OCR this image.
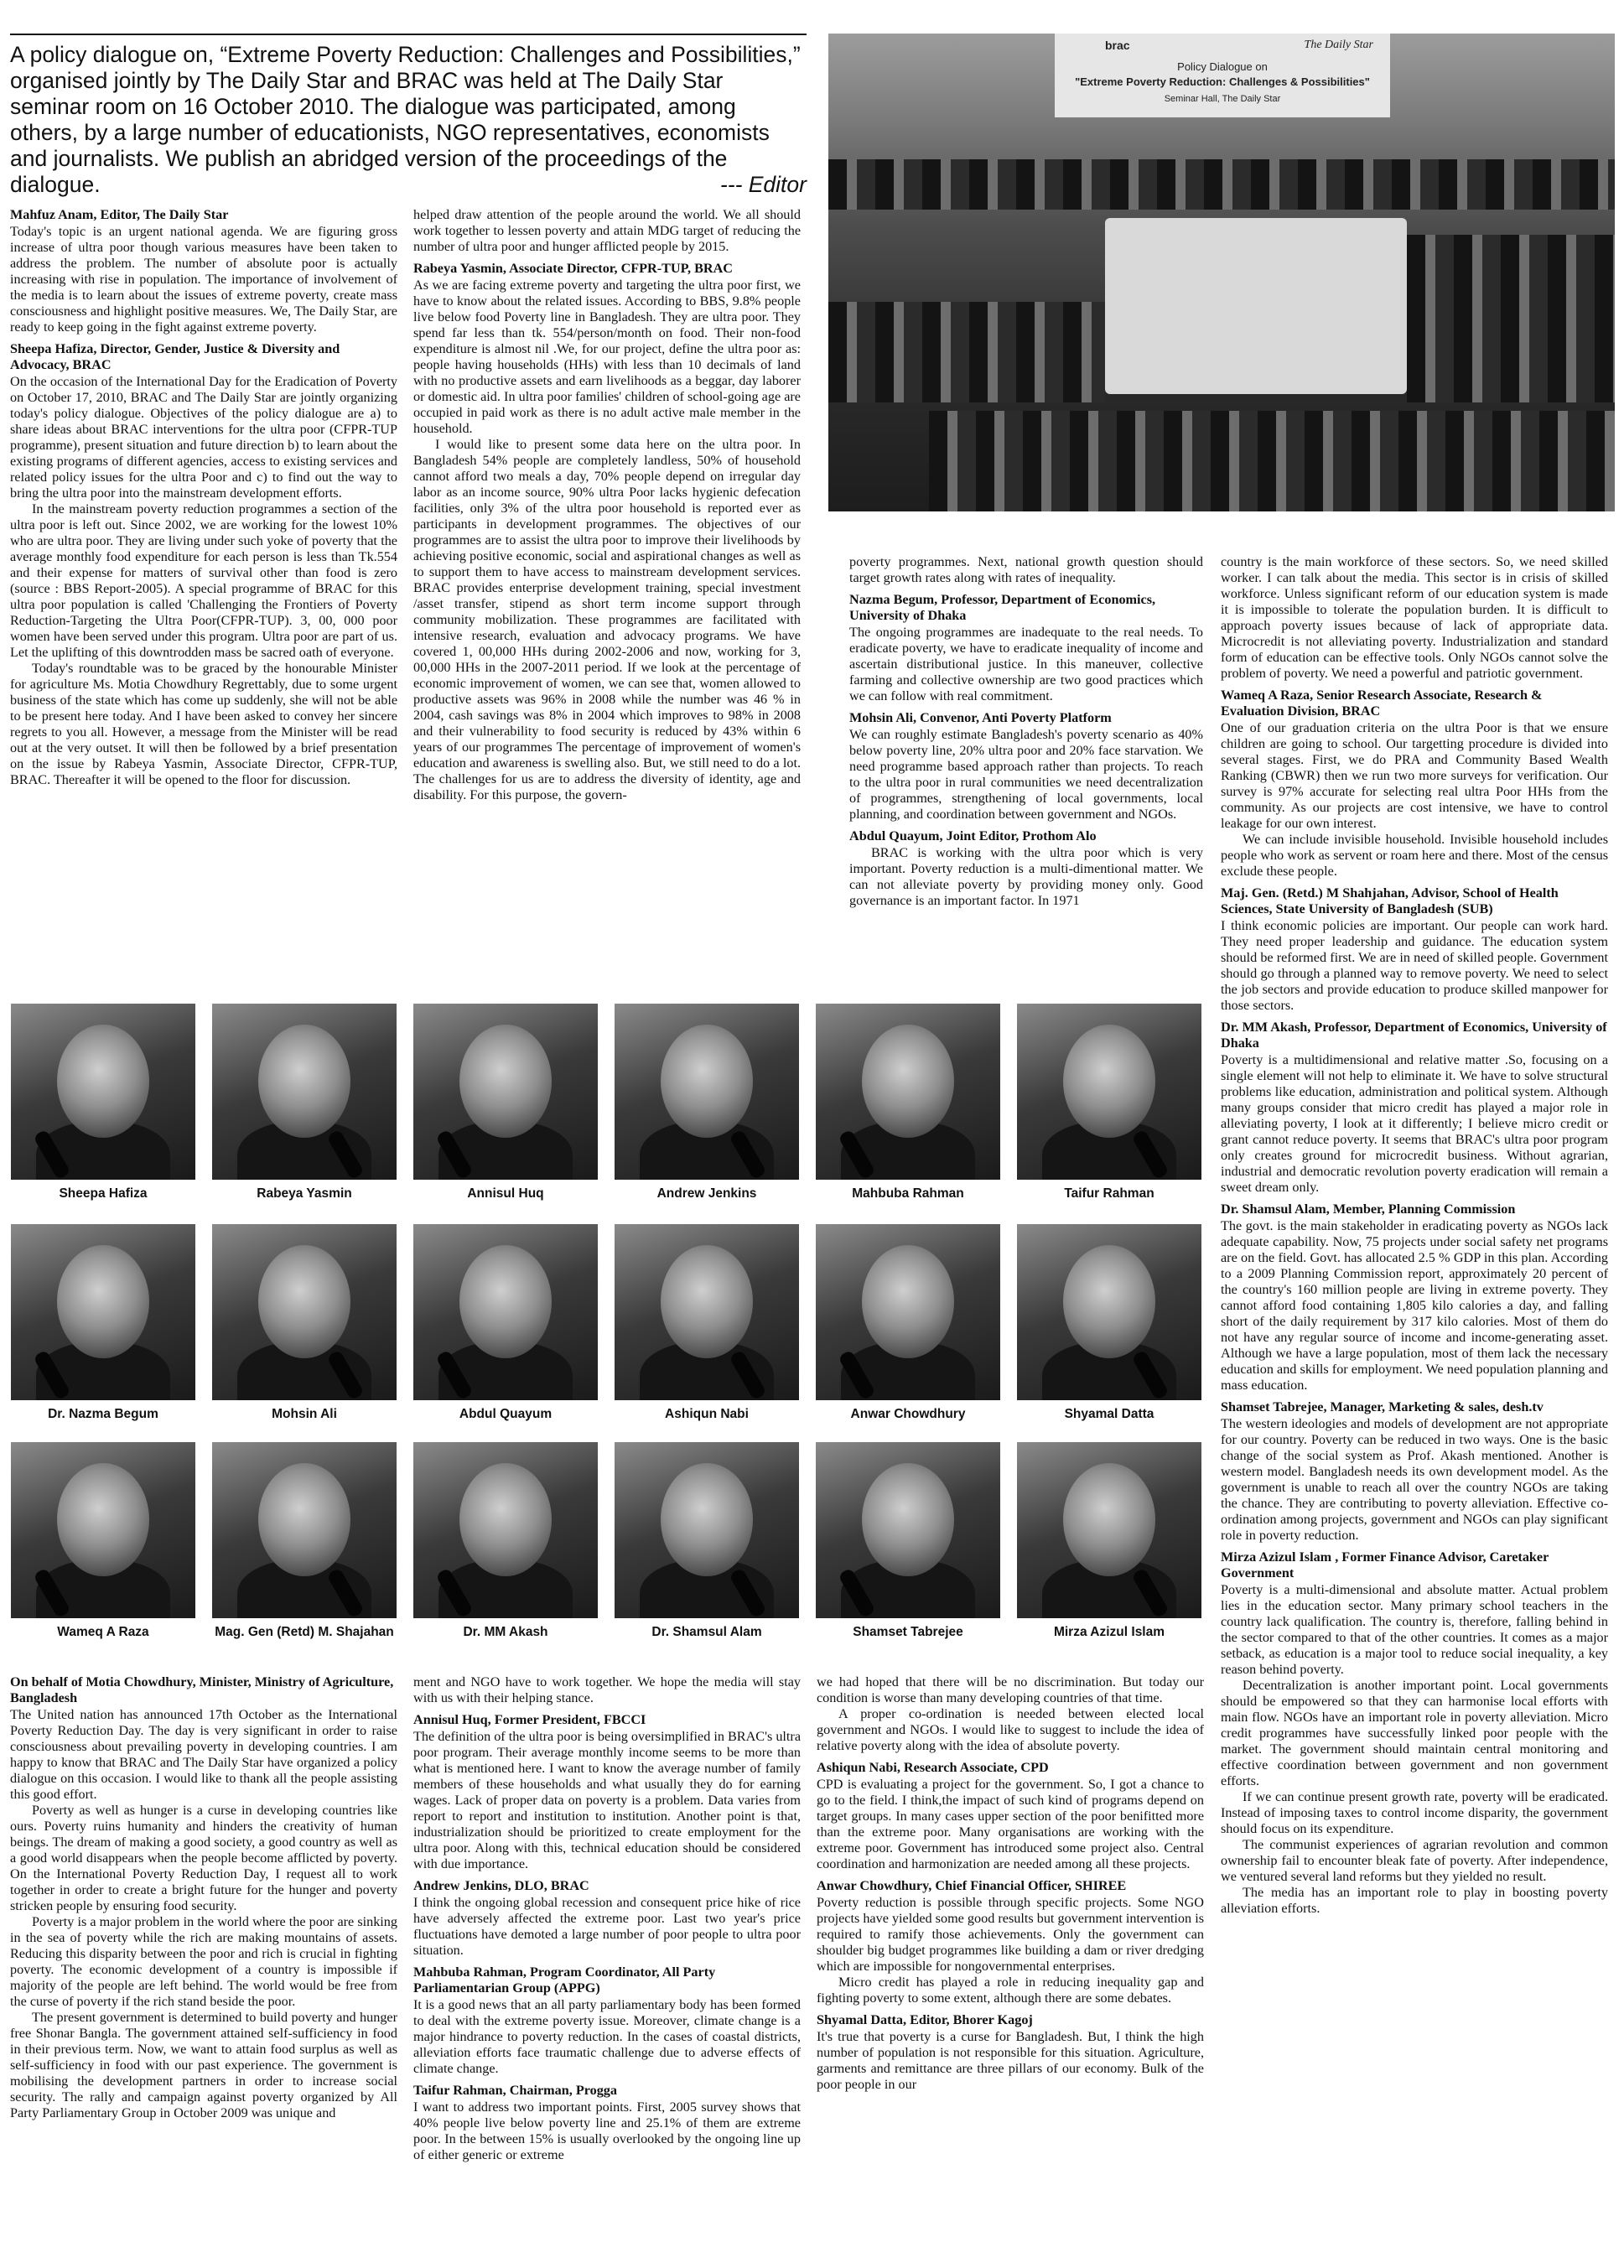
A policy dialogue on, “Extreme Poverty Reduction: Challenges and Possibilities,” organised jointly by The Daily Star and BRAC was held at The Daily Star seminar room on 16 October 2010. The dialogue was participated, among others, by a large number of educationists, NGO representatives, economists and journalists. We publish an abridged version of the proceedings of the dialogue.	--- Editor
brac	The Daily Star
Policy Dialogue on
"Extreme Poverty Reduction: Challenges & Possibilities"
Seminar Hall, The Daily Star
Mahfuz Anam, Editor, The Daily Star

Today's topic is an urgent national agenda. We are figuring gross increase of ultra poor though various measures have been taken to address the problem. The number of absolute poor is actually increasing with rise in population. The importance of involvement of the media is to learn about the issues of extreme poverty, create mass consciousness and highlight positive measures. We, The Daily Star, are ready to keep going in the fight against extreme poverty.

Sheepa Hafiza, Director, Gender, Justice & Diversity and Advocacy, BRAC

On the occasion of the International Day for the Eradication of Poverty on October 17, 2010, BRAC and The Daily Star are jointly organizing today's policy dialogue. Objectives of the policy dialogue are a) to share ideas about BRAC interventions for the ultra poor (CFPR-TUP programme), present situation and future direction b) to learn about the existing programs of different agencies, access to existing services and related policy issues for the ultra Poor and c) to find out the way to bring the ultra poor into the mainstream development efforts.

In the mainstream poverty reduction programmes a section of the ultra poor is left out. Since 2002, we are working for the lowest 10% who are ultra poor. They are living under such yoke of poverty that the average monthly food expenditure for each person is less than Tk.554 and their expense for matters of survival other than food is zero (source : BBS Report-2005). A special programme of BRAC for this ultra poor population is called 'Challenging the Frontiers of Poverty Reduction-Targeting the Ultra Poor(CFPR-TUP). 3, 00, 000 poor women have been served under this program. Ultra poor are part of us. Let the uplifting of this downtrodden mass be sacred oath of everyone.

Today's roundtable was to be graced by the honourable Minister for agriculture Ms. Motia Chowdhury Regrettably, due to some urgent business of the state which has come up suddenly, she will not be able to be present here today. And I have been asked to convey her sincere regrets to you all. However, a message from the Minister will be read out at the very outset. It will then be followed by a brief presentation on the issue by Rabeya Yasmin, Associate Director, CFPR-TUP, BRAC. Thereafter it will be opened to the floor for discussion.

helped draw attention of the people around the world. We all should work together to lessen poverty and attain MDG target of reducing the number of ultra poor and hunger afflicted people by 2015.

Rabeya Yasmin, Associate Director, CFPR-TUP, BRAC

As we are facing extreme poverty and targeting the ultra poor first, we have to know about the related issues. According to BBS, 9.8% people live below food Poverty line in Bangladesh. They are ultra poor. They spend far less than tk. 554/person/month on food. Their non-food expenditure is almost nil .We, for our project, define the ultra poor as: people having households (HHs) with less than 10 decimals of land with no productive assets and earn livelihoods as a beggar, day laborer or domestic aid. In ultra poor families' children of school-going age are occupied in paid work as there is no adult active male member in the household.

I would like to present some data here on the ultra poor. In Bangladesh 54% people are completely landless, 50% of household cannot afford two meals a day, 70% people depend on irregular day labor as an income source, 90% ultra Poor lacks hygienic defecation facilities, only 3% of the ultra poor household is reported ever as participants in development programmes. The objectives of our programmes are to assist the ultra poor to improve their livelihoods by achieving positive economic, social and aspirational changes as well as to support them to have access to mainstream development services. BRAC provides enterprise development training, special investment /asset transfer, stipend as short term income support through community mobilization. These programmes are facilitated with intensive research, evaluation and advocacy programs. We have covered 1, 00,000 HHs during 2002-2006 and now, working for 3, 00,000 HHs in the 2007-2011 period. If we look at the percentage of economic improvement of women, we can see that, women allowed to productive assets was 96% in 2008 while the number was 46 % in 2004, cash savings was 8% in 2004 which improves to 98% in 2008 and their vulnerability to food security is reduced by 43% within 6 years of our programmes The percentage of improvement of women's education and awareness is swelling also. But, we still need to do a lot. The challenges for us are to address the diversity of identity, age and disability. For this purpose, the govern-

poverty programmes. Next, national growth question should target growth rates along with rates of inequality.

Nazma Begum, Professor, Department of Economics, University of Dhaka

The ongoing programmes are inadequate to the real needs. To eradicate poverty, we have to eradicate inequality of income and ascertain distributional justice. In this maneuver, collective farming and collective ownership are two good practices which we can follow with real commitment.

Mohsin Ali, Convenor, Anti Poverty Platform

We can roughly estimate Bangladesh's poverty scenario as 40% below poverty line, 20% ultra poor and 20% face starvation. We need programme based approach rather than projects. To reach to the ultra poor in rural communities we need decentralization of programmes, strengthening of local governments, local planning, and coordination between government and NGOs.

Abdul Quayum, Joint Editor, Prothom Alo

BRAC is working with the ultra poor which is very important. Poverty reduction is a multi-dimentional matter. We can not alleviate poverty by providing money only. Good governance is an important factor. In 1971

country is the main workforce of these sectors. So, we need skilled worker. I can talk about the media. This sector is in crisis of skilled workforce. Unless significant reform of our education system is made it is impossible to tolerate the population burden. It is difficult to approach poverty issues because of lack of appropriate data. Microcredit is not alleviating poverty. Industrialization and standard form of education can be effective tools. Only NGOs cannot solve the problem of poverty. We need a powerful and patriotic government.

Wameq A Raza, Senior Research Associate, Research & Evaluation Division, BRAC

One of our graduation criteria on the ultra Poor is that we ensure children are going to school. Our targetting procedure is divided into several stages. First, we do PRA and Community Based Wealth Ranking (CBWR) then we run two more surveys for verification. Our survey is 97% accurate for selecting real ultra Poor HHs from the community. As our projects are cost intensive, we have to control leakage for our own interest.

We can include invisible household. Invisible household includes people who work as servent or roam here and there. Most of the census exclude these people.

Maj. Gen. (Retd.) M Shahjahan, Advisor, School of Health Sciences, State University of Bangladesh (SUB)

I think economic policies are important. Our people can work hard. They need proper leadership and guidance. The education system should be reformed first. We are in need of skilled people. Government should go through a planned way to remove poverty. We need to select the job sectors and provide education to produce skilled manpower for those sectors.

Dr. MM Akash, Professor, Department of Economics, University of Dhaka

Poverty is a multidimensional and relative matter .So, focusing on a single element will not help to eliminate it. We have to solve structural problems like education, administration and political system. Although many groups consider that micro credit has played a major role in alleviating poverty, I look at it differently; I believe micro credit or grant cannot reduce poverty. It seems that BRAC's ultra poor program only creates ground for microcredit business. Without agrarian, industrial and democratic revolution poverty eradication will remain a sweet dream only.

Dr. Shamsul Alam, Member, Planning Commission

The govt. is the main stakeholder in eradicating poverty as NGOs lack adequate capability. Now, 75 projects under social safety net programs are on the field. Govt. has allocated 2.5 % GDP in this plan. According to a 2009 Planning Commission report, approximately 20 percent of the country's 160 million people are living in extreme poverty. They cannot afford food containing 1,805 kilo calories a day, and falling short of the daily requirement by 317 kilo calories. Most of them do not have any regular source of income and income-generating asset. Although we have a large population, most of them lack the necessary education and skills for employment. We need population planning and mass education.

Shamset Tabrejee, Manager, Marketing & sales, desh.tv

The western ideologies and models of development are not appropriate for our country. Poverty can be reduced in two ways. One is the basic change of the social system as Prof. Akash mentioned. Another is western model. Bangladesh needs its own development model. As the government is unable to reach all over the country NGOs are taking the chance. They are contributing to poverty alleviation. Effective co-ordination among projects, government and NGOs can play significant role in poverty reduction.

Mirza Azizul Islam , Former Finance Advisor, Caretaker Government

Poverty is a multi-dimensional and absolute matter. Actual problem lies in the education sector. Many primary school teachers in the country lack qualification. The country is, therefore, falling behind in the sector compared to that of the other countries. It comes as a major setback, as education is a major tool to reduce social inequality, a key reason behind poverty.

Decentralization is another important point. Local governments should be empowered so that they can harmonise local efforts with main flow. NGOs have an important role in poverty alleviation. Micro credit programmes have successfully linked poor people with the market. The government should maintain central monitoring and effective coordination between government and non government efforts.

If we can continue present growth rate, poverty will be eradicated. Instead of imposing taxes to control income disparity, the government should focus on its expenditure.

The communist experiences of agrarian revolution and common ownership fail to encounter bleak fate of poverty. After independence, we ventured several land reforms but they yielded no result.

The media has an important role to play in boosting poverty alleviation efforts.

Sheepa Hafiza	Rabeya Yasmin	Annisul Huq	Andrew Jenkins	Mahbuba Rahman	Taifur Rahman
Dr. Nazma Begum	Mohsin Ali	Abdul Quayum	Ashiqun Nabi	Anwar Chowdhury	Shyamal Datta
Wameq A Raza	Mag. Gen (Retd) M. Shajahan	Dr. MM Akash	Dr. Shamsul Alam	Shamset Tabrejee	Mirza Azizul Islam
On behalf of Motia Chowdhury, Minister, Ministry of Agriculture, Bangladesh

The United nation has announced 17th October as the International Poverty Reduction Day. The day is very significant in order to raise consciousness about prevailing poverty in developing countries. I am happy to know that BRAC and The Daily Star have organized a policy dialogue on this occasion. I would like to thank all the people assisting this good effort.

Poverty as well as hunger is a curse in developing countries like ours. Poverty ruins humanity and hinders the creativity of human beings. The dream of making a good society, a good country as well as a good world disappears when the people become afflicted by poverty. On the International Poverty Reduction Day, I request all to work together in order to create a bright future for the hunger and poverty stricken people by ensuring food security.

Poverty is a major problem in the world where the poor are sinking in the sea of poverty while the rich are making mountains of assets. Reducing this disparity between the poor and rich is crucial in fighting poverty. The economic development of a country is impossible if majority of the people are left behind. The world would be free from the curse of poverty if the rich stand beside the poor.

The present government is determined to build poverty and hunger free Shonar Bangla. The government attained self-sufficiency in food in their previous term. Now, we want to attain food surplus as well as self-sufficiency in food with our past experience. The government is mobilising the development partners in order to increase social security. The rally and campaign against poverty organized by All Party Parliamentary Group in October 2009 was unique and

ment and NGO have to work together. We hope the media will stay with us with their helping stance.

Annisul Huq, Former President, FBCCI

The definition of the ultra poor is being oversimplified in BRAC's ultra poor program. Their average monthly income seems to be more than what is mentioned here. I want to know the average number of family members of these households and what usually they do for earning wages. Lack of proper data on poverty is a problem. Data varies from report to report and institution to institution. Another point is that, industrialization should be prioritized to create employment for the ultra poor. Along with this, technical education should be considered with due importance.

Andrew Jenkins, DLO, BRAC

I think the ongoing global recession and consequent price hike of rice have adversely affected the extreme poor. Last two year's price fluctuations have demoted a large number of poor people to ultra poor situation.

Mahbuba Rahman, Program Coordinator, All Party Parliamentarian Group (APPG)

It is a good news that an all party parliamentary body has been formed to deal with the extreme poverty issue. Moreover, climate change is a major hindrance to poverty reduction. In the cases of coastal districts, alleviation efforts face traumatic challenge due to adverse effects of climate change.

Taifur Rahman, Chairman, Progga

I want to address two important points. First, 2005 survey shows that 40% people live below poverty line and 25.1% of them are extreme poor. In the between 15% is usually overlooked by the ongoing line up of either generic or extreme

we had hoped that there will be no discrimination. But today our condition is worse than many developing countries of that time.

A proper co-ordination is needed between elected local government and NGOs. I would like to suggest to include the idea of relative poverty along with the idea of absolute poverty.

Ashiqun Nabi, Research Associate, CPD

CPD is evaluating a project for the government. So, I got a chance to go to the field. I think,the impact of such kind of programs depend on target groups. In many cases upper section of the poor benifitted more than the extreme poor. Many organisations are working with the extreme poor. Government has introduced some project also. Central coordination and harmonization are needed among all these projects.

Anwar Chowdhury, Chief Financial Officer, SHIREE

Poverty reduction is possible through specific projects. Some NGO projects have yielded some good results but government intervention is required to ramify those achievements. Only the government can shoulder big budget programmes like building a dam or river dredging which are impossible for nongovernmental enterprises.

Micro credit has played a role in reducing inequality gap and fighting poverty to some extent, although there are some debates.

Shyamal Datta, Editor, Bhorer Kagoj

It's true that poverty is a curse for Bangladesh. But, I think the high number of population is not responsible for this situation. Agriculture, garments and remittance are three pillars of our economy. Bulk of the poor people in our
